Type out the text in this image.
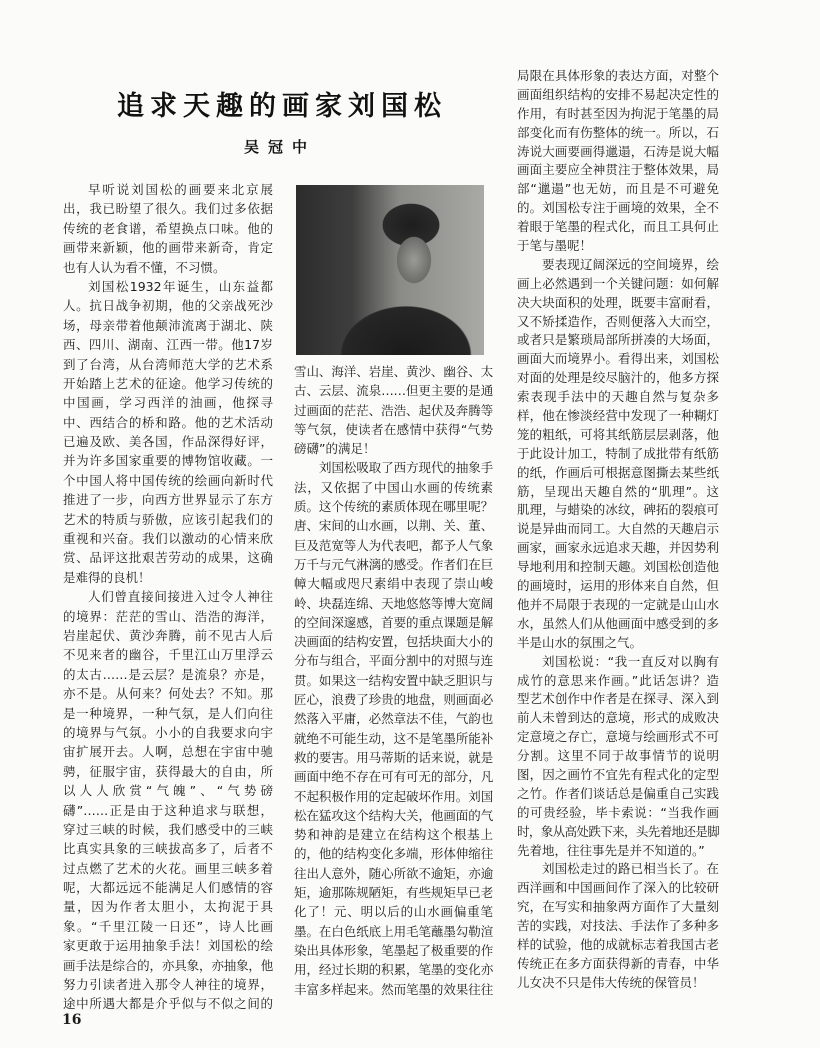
追求天趣的画家刘国松
吴冠中
早听说刘国松的画要来北京展
出，我已盼望了很久。我们过多依据
传统的老食谱，希望换点口味。他的
画带来新颖，他的画带来新奇，肯定
也有人认为看不懂，不习惯。
刘国松1932年诞生，山东益都
人。抗日战争初期，他的父亲战死沙
场，母亲带着他颠沛流离于湖北、陕
西、四川、湖南、江西一带。他17岁
到了台湾，从台湾师范大学的艺术系
开始踏上艺术的征途。他学习传统的
中国画，学习西洋的油画，他探寻
中、西结合的桥和路。他的艺术活动
已遍及欧、美各国，作品深得好评，
并为许多国家重要的博物馆收藏。一
个中国人将中国传统的绘画向新时代
推进了一步，向西方世界显示了东方
艺术的特质与骄傲，应该引起我们的
重视和兴奋。我们以激动的心情来欣
赏、品评这批艰苦劳动的成果，这确
是难得的良机！
人们曾直接间接进入过令人神往
的境界：茫茫的雪山、浩浩的海洋，
岩崖起伏、黄沙奔腾，前不见古人后
不见来者的幽谷，千里江山万里浮云
的太古……是云层？是流泉？亦是，
亦不是。从何来？何处去？不知。那
是一种境界，一种气氛，是人们向往
的境界与气氛。小小的自我要求向宇
宙扩展开去。人啊，总想在宇宙中驰
骋，征服宇宙，获得最大的自由，所
以人人欣赏“气魄”、“气势磅
礴”……正是由于这种追求与联想，
穿过三峡的时候，我们感受中的三峡
比真实具象的三峡拔高多了，后者不
过点燃了艺术的火花。画里三峡多着
呢，大都远远不能满足人们感情的容
量，因为作者太胆小，太拘泥于具
象。“千里江陵一日还”，诗人比画
家更敢于运用抽象手法！刘国松的绘
画手法是综合的，亦具象，亦抽象，他
努力引读者进入那令人神往的境界，
途中所遇大都是介乎似与不似之间的
雪山、海洋、岩崖、黄沙、幽谷、太
古、云层、流泉……但更主要的是通
过画面的茫茫、浩浩、起伏及奔腾等
等气氛，使读者在感情中获得“气势
磅礴”的满足！
刘国松吸取了西方现代的抽象手
法，又依据了中国山水画的传统素
质。这个传统的素质体现在哪里呢？
唐、宋间的山水画，以荆、关、董、
巨及范宽等人为代表吧，都予人气象
万千与元气淋漓的感受。作者们在巨
幛大幅或咫尺素绢中表现了崇山峻
岭、块磊连绵、天地悠悠等博大宽阔
的空间深邃感，首要的重点课题是解
决画面的结构安置，包括块面大小的
分布与组合，平面分割中的对照与连
贯。如果这一结构安置中缺乏胆识与
匠心，浪费了珍贵的地盘，则画面必
然落入平庸，必然章法不佳，气韵也
就绝不可能生动，这不是笔墨所能补
救的要害。用马蒂斯的话来说，就是
画面中绝不存在可有可无的部分，凡
不起积极作用的定起破坏作用。刘国
松在猛攻这个结构大关，他画面的气
势和神韵是建立在结构这个根基上
的，他的结构变化多端，形体伸缩往
往出人意外，随心所欲不逾矩，亦逾
矩，逾那陈规陋矩，有些规矩早已老
化了！元、明以后的山水画偏重笔
墨。在白色纸底上用毛笔蘸墨勾勒渲
染出具体形象，笔墨起了极重要的作
用，经过长期的积累，笔墨的变化亦
丰富多样起来。然而笔墨的效果往往
局限在具体形象的表达方面，对整个
画面组织结构的安排不易起决定性的
作用，有时甚至因为拘泥于笔墨的局
部变化而有伤整体的统一。所以，石
涛说大画要画得邋遢，石涛是说大幅
画面主要应全神贯注于整体效果，局
部“邋遢”也无妨，而且是不可避免
的。刘国松专注于画境的效果，全不
着眼于笔墨的程式化，而且工具何止
于笔与墨呢！
要表现辽阔深远的空间境界，绘
画上必然遇到一个关键问题：如何解
决大块面积的处理，既要丰富耐看，
又不矫揉造作，否则便落入大而空，
或者只是繁琐局部所拼凑的大场面，
画面大而境界小。看得出来，刘国松
对面的处理是绞尽脑汁的，他多方探
索表现手法中的天趣自然与复杂多
样，他在惨淡经营中发现了一种糊灯
笼的粗纸，可将其纸筋层层剥落，他
于此设计加工，特制了成批带有纸筋
的纸，作画后可根据意图撕去某些纸
筋，呈现出天趣自然的“肌理”。这
肌理，与蜡染的冰纹，碑拓的裂痕可
说是异曲而同工。大自然的天趣启示
画家，画家永远追求天趣，并因势利
导地利用和控制天趣。刘国松创造他
的画境时，运用的形体来自自然，但
他并不局限于表现的一定就是山山水
水，虽然人们从他画面中感受到的多
半是山水的氛围之气。
刘国松说：“我一直反对以胸有
成竹的意思来作画。”此话怎讲？造
型艺术创作中作者是在探寻、深入到
前人未曾到达的意境，形式的成败决
定意境之存亡，意境与绘画形式不可
分割。这里不同于故事情节的说明
图，因之画竹不宜先有程式化的定型
之竹。作者们谈话总是偏重自己实践
的可贵经验，毕卡索说：“当我作画
时，象从高处跌下来，头先着地还是脚
先着地，往往事先是并不知道的。”
刘国松走过的路已相当长了。在
西洋画和中国画间作了深入的比较研
究，在写实和抽象两方面作了大量刻
苦的实践，对技法、手法作了多种多
样的试验，他的成就标志着我国古老
传统正在多方面获得新的青春，中华
儿女决不只是伟大传统的保管员！
16
